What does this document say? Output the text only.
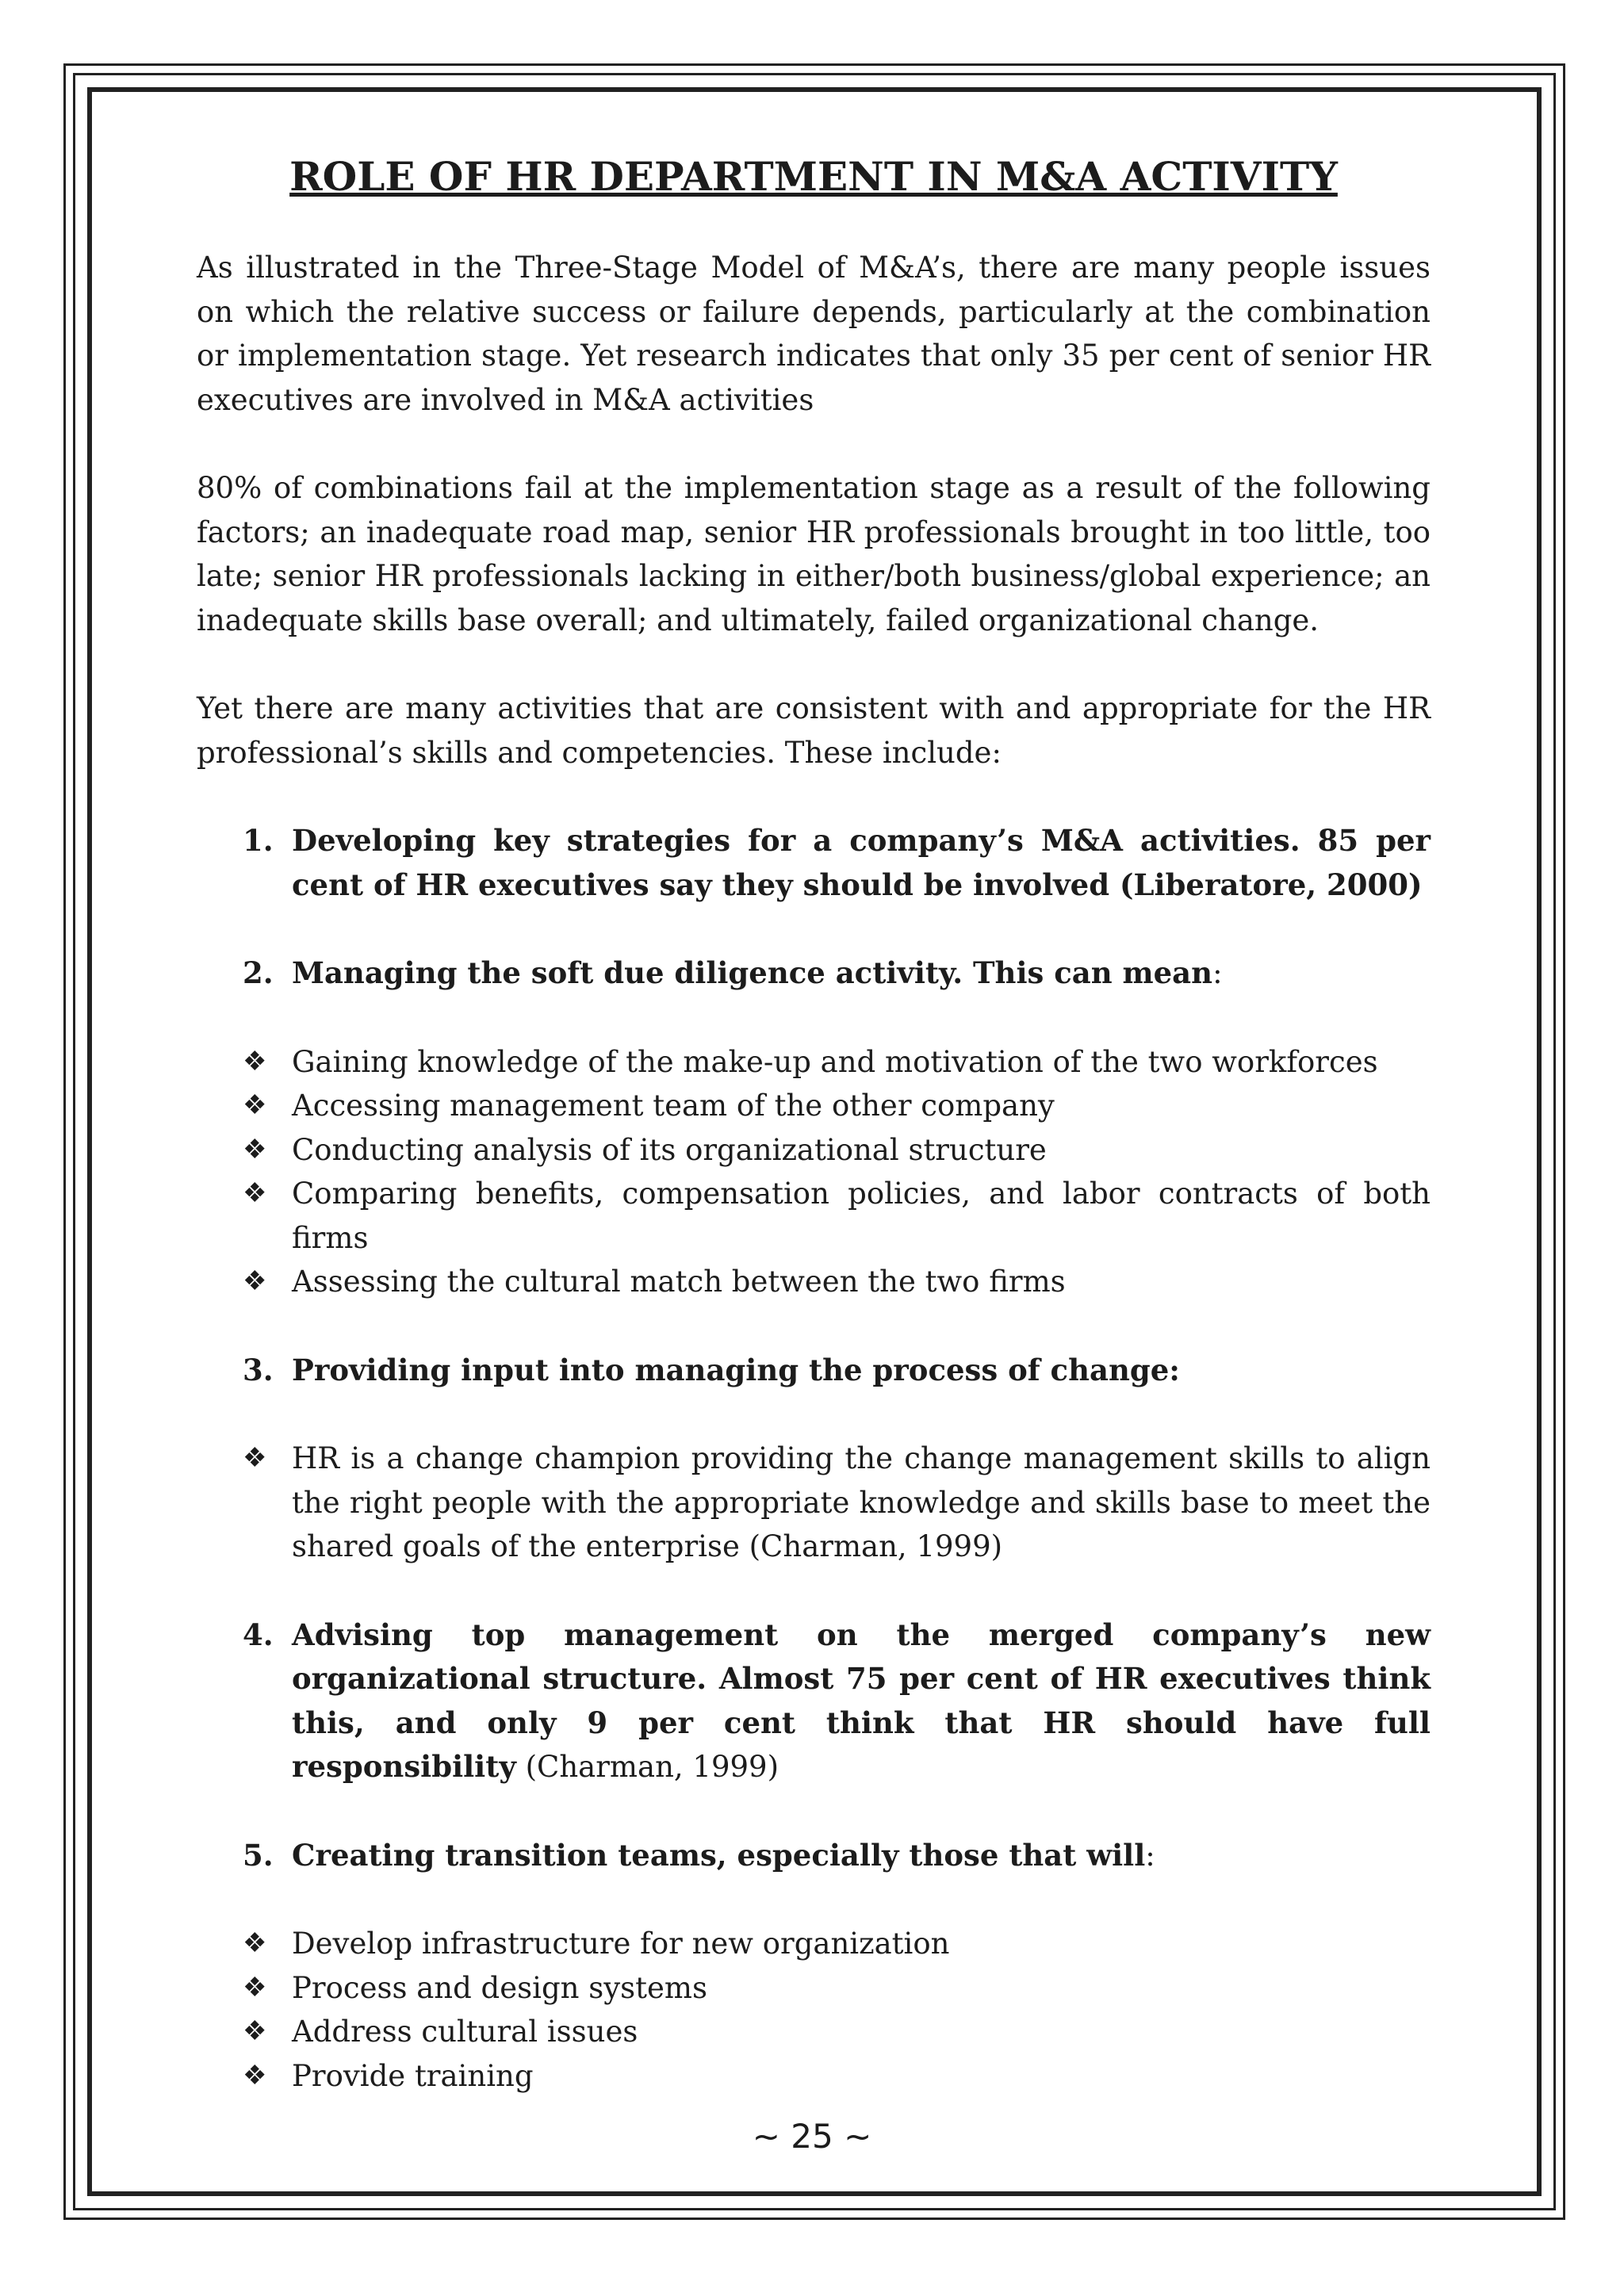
ROLE OF HR DEPARTMENT IN M&A ACTIVITY

As illustrated in the Three-Stage Model of M&A’s, there are many people issues on which the relative success or failure depends, particularly at the combination or implementation stage. Yet research indicates that only 35 per cent of senior HR executives are involved in M&A activities

80% of combinations fail at the implementation stage as a result of the following factors; an inadequate road map, senior HR professionals brought in too little, too late; senior HR professionals lacking in either/both business/global experience; an inadequate skills base overall; and ultimately, failed organizational change.

Yet there are many activities that are consistent with and appropriate for the HR professional’s skills and competencies. These include:

1. Developing key strategies for a company’s M&A activities. 85 per cent of HR executives say they should be involved (Liberatore, 2000)
2. Managing the soft due diligence activity. This can mean:
❖ Gaining knowledge of the make-up and motivation of the two workforces
❖ Accessing management team of the other company
❖ Conducting analysis of its organizational structure
❖ Comparing benefits, compensation policies, and labor contracts of both firms
❖ Assessing the cultural match between the two firms
3. Providing input into managing the process of change:
❖ HR is a change champion providing the change management skills to align the right people with the appropriate knowledge and skills base to meet the shared goals of the enterprise (Charman, 1999)
4. Advising top management on the merged company’s new organizational structure. Almost 75 per cent of HR executives think this, and only 9 per cent think that HR should have full responsibility (Charman, 1999)
5. Creating transition teams, especially those that will:
❖ Develop infrastructure for new organization
❖ Process and design systems
❖ Address cultural issues
❖ Provide training
~ 25 ~
